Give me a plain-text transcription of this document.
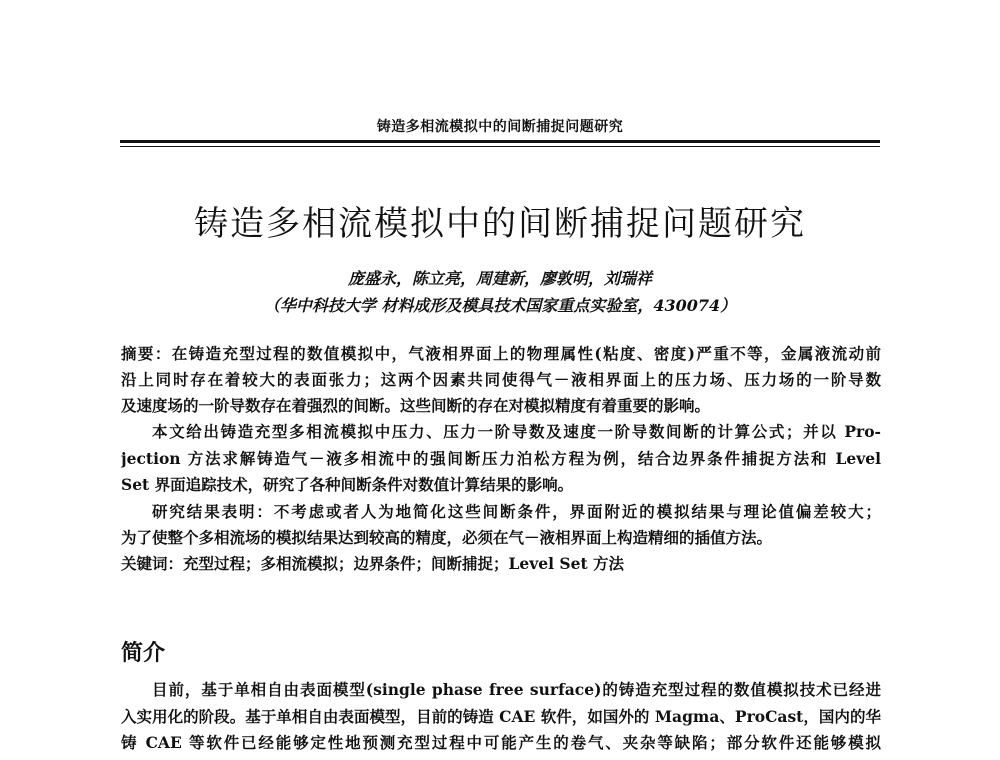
铸造多相流模拟中的间断捕捉问题研究
铸造多相流模拟中的间断捕捉问题研究
庞盛永，陈立亮，周建新，廖敦明，刘瑞祥
（华中科技大学 材料成形及模具技术国家重点实验室，430074）
摘要：在铸造充型过程的数值模拟中，气液相界面上的物理属性(粘度、密度)严重不等，金属液流动前
沿上同时存在着较大的表面张力；这两个因素共同使得气－液相界面上的压力场、压力场的一阶导数
及速度场的一阶导数存在着强烈的间断。这些间断的存在对模拟精度有着重要的影响。
本文给出铸造充型多相流模拟中压力、压力一阶导数及速度一阶导数间断的计算公式；并以 Pro-
jection 方法求解铸造气－液多相流中的强间断压力泊松方程为例，结合边界条件捕捉方法和 Level
Set 界面追踪技术，研究了各种间断条件对数值计算结果的影响。
研究结果表明：不考虑或者人为地简化这些间断条件，界面附近的模拟结果与理论值偏差较大；
为了使整个多相流场的模拟结果达到较高的精度，必须在气－液相界面上构造精细的插值方法。
关键词：充型过程；多相流模拟；边界条件；间断捕捉；Level Set 方法
简介
目前，基于单相自由表面模型(single phase free surface)的铸造充型过程的数值模拟技术已经进
入实用化的阶段。基于单相自由表面模型，目前的铸造 CAE 软件，如国外的 Magma、ProCast，国内的华
铸 CAE 等软件已经能够定性地预测充型过程中可能产生的卷气、夹杂等缺陷；部分软件还能够模拟
